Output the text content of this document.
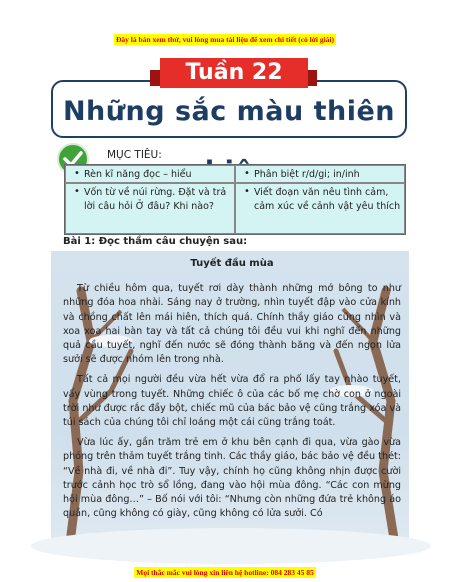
Đây là bản xem thử, vui lòng mua tài liệu để xem chi tiết (có lời giải)
Những sắc màu thiên
Tuần 22
MỤC TIÊU:
• Rèn kĩ năng đọc – hiểu
•	Phân biệt r/d/gi; in/inh
• Vốn từ về núi rừng. Đặt và trả lời câu hỏi Ở đâu? Khi nào?
• Viết đoạn văn nêu tình cảm, cảm xúc về cảnh vật yêu thích
Bài 1: Đọc thầm câu chuyện sau:
Tuyết đầu mùa

Từ chiều hôm qua, tuyết rơi dày thành những mớ bông to như những đóa hoa nhài. Sáng nay ở trường, nhìn tuyết đập vào cửa kính và chồng chất lên mái hiên, thích quá. Chính thầy giáo cũng nhìn và xoa xoa hai bàn tay và tất cả chúng tôi đều vui khi nghĩ đến những quả cầu tuyết, nghĩ đến nước sẽ đóng thành băng và đến ngọn lửa sưởi sẽ được nhóm lên trong nhà.

Tất cả mọi người đều vừa hết vừa đổ ra phố lấy tay nhào tuyết, vấy vùng trong tuyết. Những chiếc ô của các bố mẹ chờ con ở ngoài trời như được rắc đầy bột, chiếc mũ của bác bảo vệ cũng trắng xóa và túi sách của chúng tôi chỉ loáng một cái cũng trắng toát.

Vừa lúc ấy, gần trăm trẻ em ở khu bên cạnh đi qua, vừa gào vừa phóng trên thảm tuyết trắng tinh. Các thầy giáo, bác bảo vệ đều thét: “Về nhà đi, về nhà đi”. Tuy vậy, chính họ cũng không nhịn được cười trước cảnh học trò sổ lồng, đang vào hội mùa đông. “Các con mừng hội mùa đông…” – Bố nói với tôi: “Nhưng còn những đứa trẻ không áo quần, cũng không có giày, cũng không có lửa sưởi. Có

Mọi thắc mắc vui lòng xin liên hệ hotline: 084 283 45 85
